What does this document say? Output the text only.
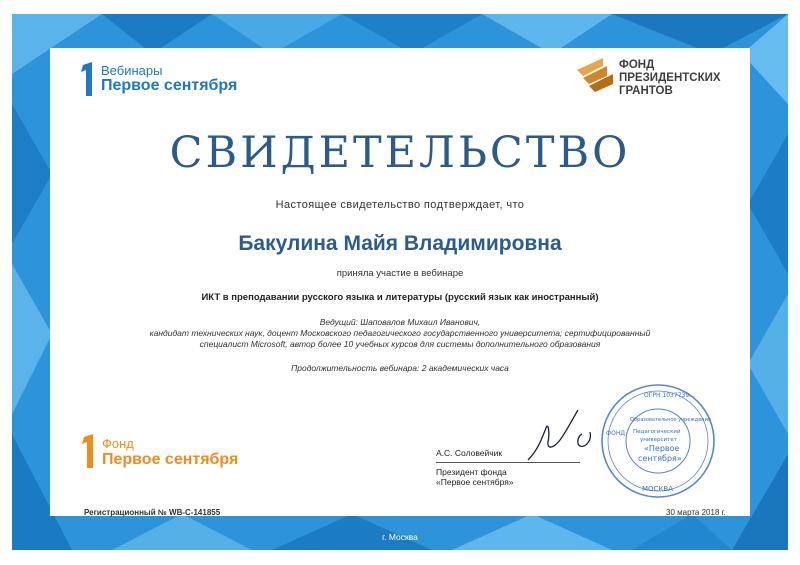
Вебинары
Первое сентября
ФОНД
ПРЕЗИДЕНТСКИХ
ГРАНТОВ
СВИДЕТЕЛЬСТВО
Настоящее свидетельство подтверждает, что
Бакулина Майя Владимировна
приняла участие в вебинаре
ИКТ в преподавании русского языка и литературы (русский язык как иностранный)
Ведущий: Шаповалов Михаил Иванович,
кандидат технических наук, доцент Московского педагогического государственного университета; сертифицированный
специалист Microsoft, автор более 10 учебных курсов для системы дополнительного образования
Продолжительность вебинара: 2 академических часа
Фонд
Первое сентября	А.С. Соловейчик
Президент фонда
«Первое сентября»
ОГРН 1037739…
Образовательное учреждение
Педагогический
университет
«Первое
сентября»
МОСКВА
ФОНД
Регистрационный № WB-С-141855	30 марта 2018 г.
г. Москва
